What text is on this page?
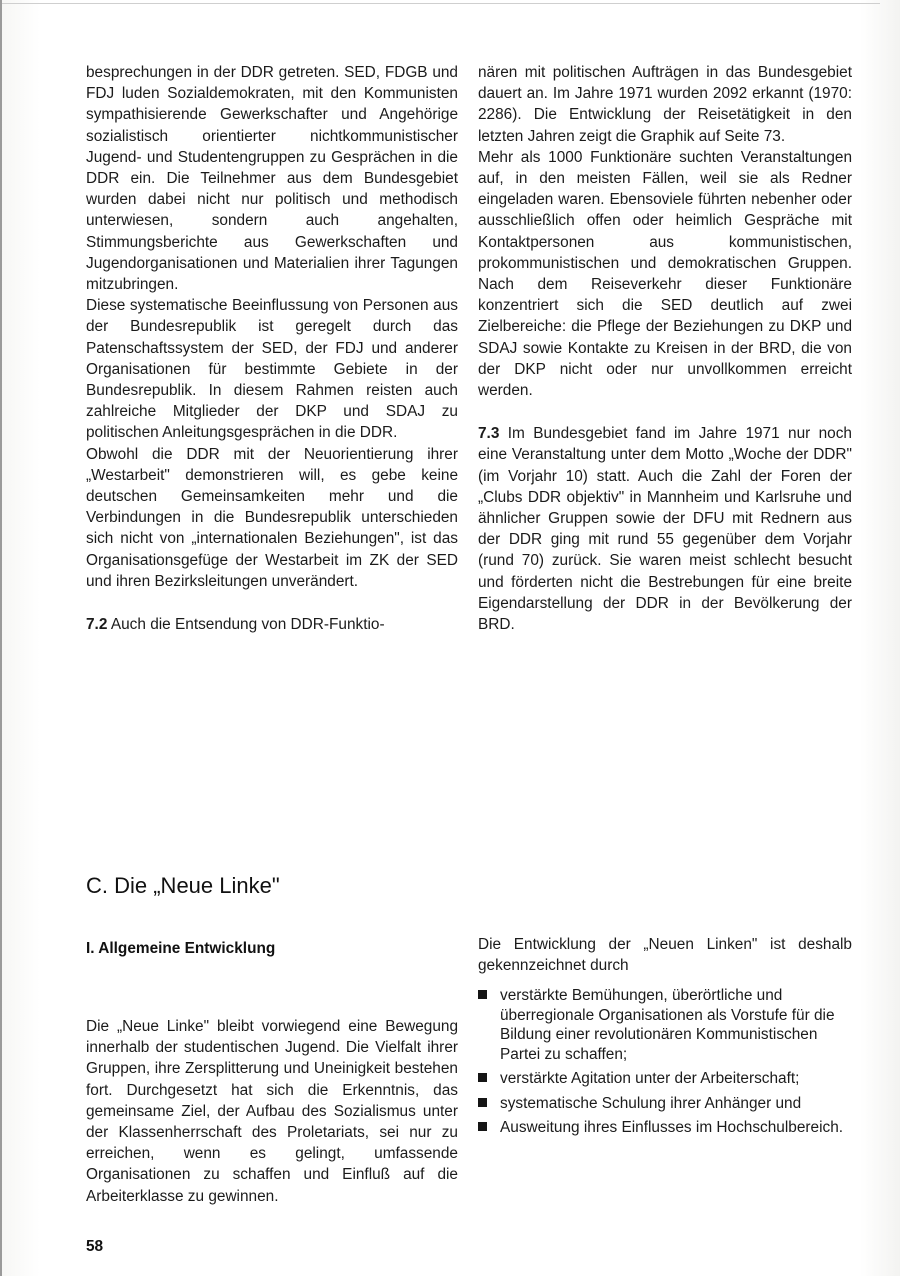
besprechungen in der DDR getreten. SED, FDGB und FDJ luden Sozialdemokraten, mit den Kommunisten sympathisierende Gewerkschafter und Angehörige sozialistisch orientierter nichtkommunistischer Jugend- und Studentengruppen zu Gesprächen in die DDR ein. Die Teilnehmer aus dem Bundesgebiet wurden dabei nicht nur politisch und methodisch unterwiesen, sondern auch angehalten, Stimmungsberichte aus Gewerkschaften und Jugendorganisationen und Materialien ihrer Tagungen mitzubringen.

Diese systematische Beeinflussung von Personen aus der Bundesrepublik ist geregelt durch das Patenschaftssystem der SED, der FDJ und anderer Organisationen für bestimmte Gebiete in der Bundesrepublik. In diesem Rahmen reisten auch zahlreiche Mitglieder der DKP und SDAJ zu politischen Anleitungsgesprächen in die DDR.

Obwohl die DDR mit der Neuorientierung ihrer „Westarbeit" demonstrieren will, es gebe keine deutschen Gemeinsamkeiten mehr und die Verbindungen in die Bundesrepublik unterschieden sich nicht von „internationalen Beziehungen", ist das Organisationsgefüge der Westarbeit im ZK der SED und ihren Bezirksleitungen unverändert.

7.2 Auch die Entsendung von DDR-Funktio-

nären mit politischen Aufträgen in das Bundesgebiet dauert an. Im Jahre 1971 wurden 2092 erkannt (1970: 2286). Die Entwicklung der Reisetätigkeit in den letzten Jahren zeigt die Graphik auf Seite 73.

Mehr als 1000 Funktionäre suchten Veranstaltungen auf, in den meisten Fällen, weil sie als Redner eingeladen waren. Ebensoviele führten nebenher oder ausschließlich offen oder heimlich Gespräche mit Kontaktpersonen aus kommunistischen, prokommunistischen und demokratischen Gruppen. Nach dem Reiseverkehr dieser Funktionäre konzentriert sich die SED deutlich auf zwei Zielbereiche: die Pflege der Beziehungen zu DKP und SDAJ sowie Kontakte zu Kreisen in der BRD, die von der DKP nicht oder nur unvollkommen erreicht werden.

7.3 Im Bundesgebiet fand im Jahre 1971 nur noch eine Veranstaltung unter dem Motto „Woche der DDR" (im Vorjahr 10) statt. Auch die Zahl der Foren der „Clubs DDR objektiv" in Mannheim und Karlsruhe und ähnlicher Gruppen sowie der DFU mit Rednern aus der DDR ging mit rund 55 gegenüber dem Vorjahr (rund 70) zurück. Sie waren meist schlecht besucht und förderten nicht die Bestrebungen für eine breite Eigendarstellung der DDR in der Bevölkerung der BRD.

C. Die „Neue Linke"
I. Allgemeine Entwicklung

Die „Neue Linke" bleibt vorwiegend eine Bewegung innerhalb der studentischen Jugend. Die Vielfalt ihrer Gruppen, ihre Zersplitterung und Uneinigkeit bestehen fort. Durchgesetzt hat sich die Erkenntnis, das gemeinsame Ziel, der Aufbau des Sozialismus unter der Klassenherrschaft des Proletariats, sei nur zu erreichen, wenn es gelingt, umfassende Organisationen zu schaffen und Einfluß auf die Arbeiterklasse zu gewinnen.

Die Entwicklung der „Neuen Linken" ist deshalb gekennzeichnet durch

verstärkte Bemühungen, überörtliche und überregionale Organisationen als Vorstufe für die Bildung einer revolutionären Kommunistischen Partei zu schaffen;
verstärkte Agitation unter der Arbeiterschaft;
systematische Schulung ihrer Anhänger und
Ausweitung ihres Einflusses im Hochschulbereich.
58
